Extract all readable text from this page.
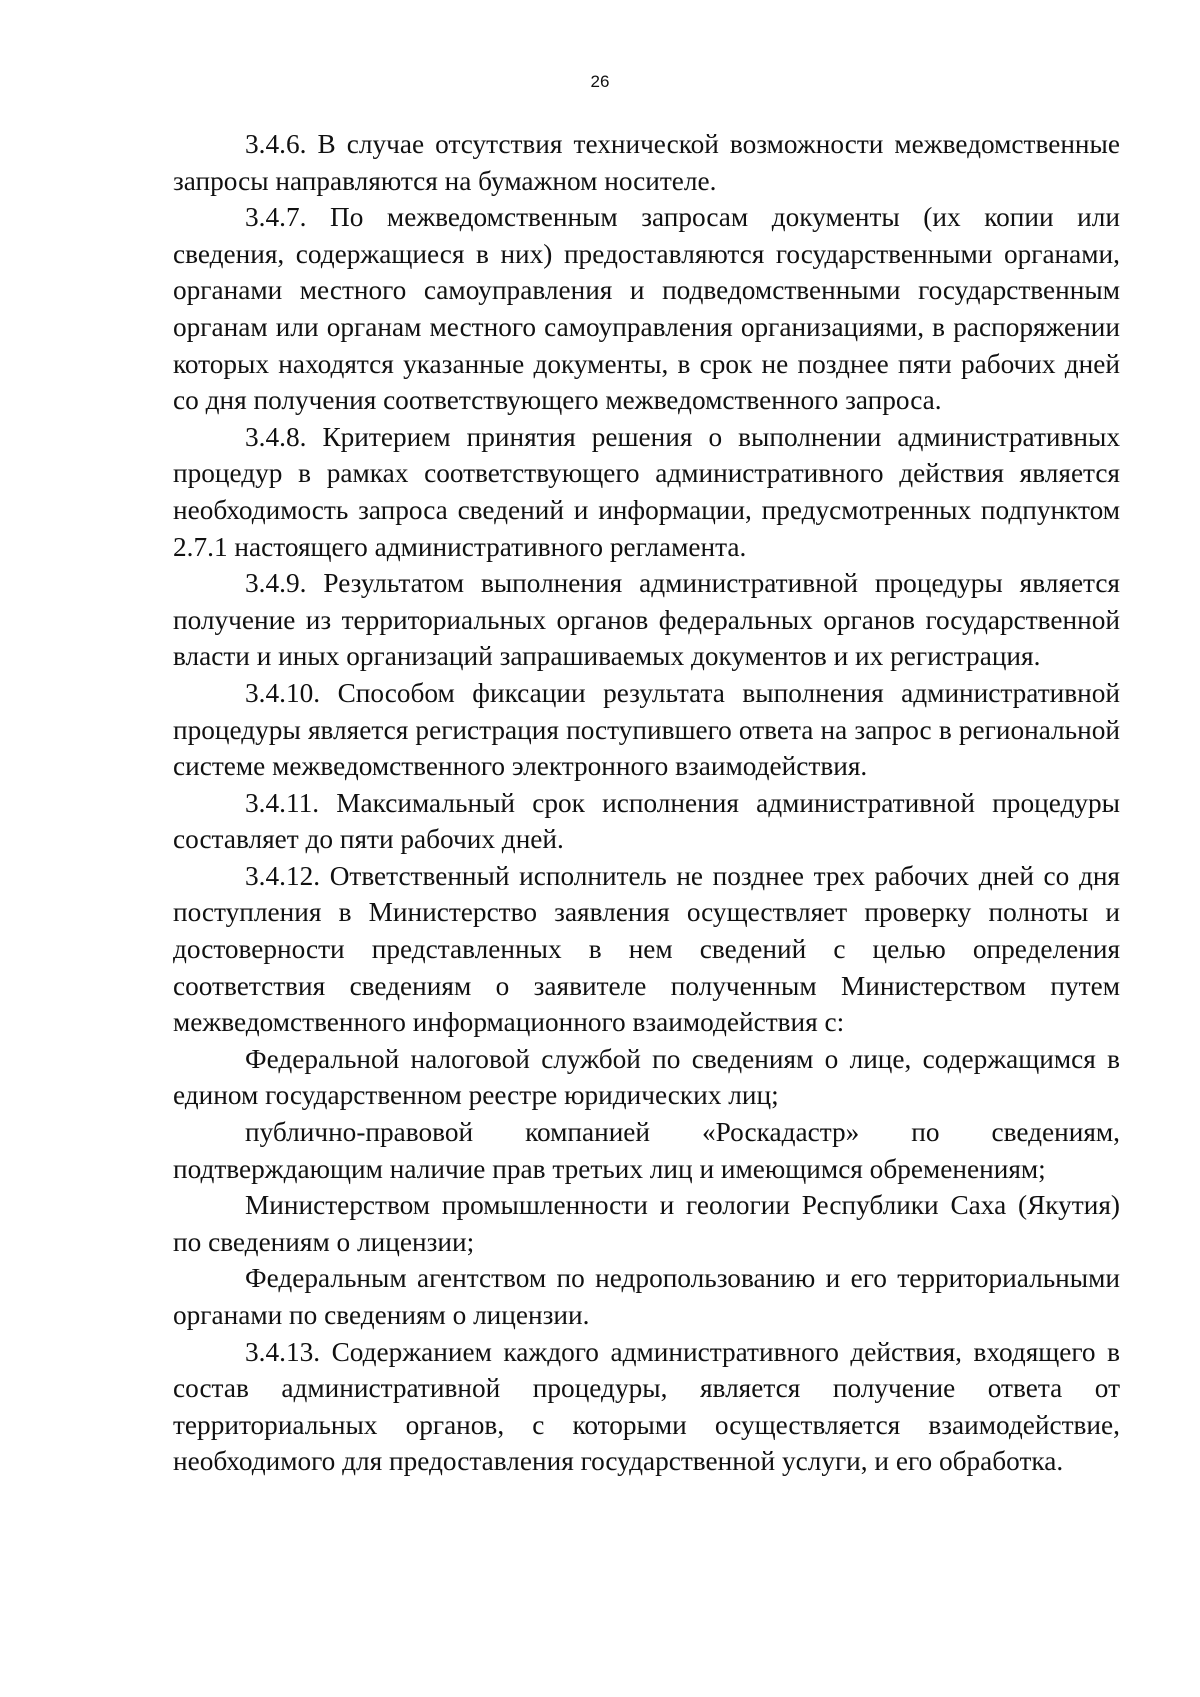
26

3.4.6. В случае отсутствия технической возможности межведомственные запросы направляются на бумажном носителе.

3.4.7. По межведомственным запросам документы (их копии или сведения, содержащиеся в них) предоставляются государственными органами, органами местного самоуправления и подведомственными государственным органам или органам местного самоуправления организациями, в распоряжении которых находятся указанные документы, в срок не позднее пяти рабочих дней со дня получения соответствующего межведомственного запроса.

3.4.8. Критерием принятия решения о выполнении административных процедур в рамках соответствующего административного действия является необходимость запроса сведений и информации, предусмотренных подпунктом 2.7.1 настоящего административного регламента.

3.4.9. Результатом выполнения административной процедуры является получение из территориальных органов федеральных органов государственной власти и иных организаций запрашиваемых документов и их регистрация.

3.4.10. Способом фиксации результата выполнения административной процедуры является регистрация поступившего ответа на запрос в региональной системе межведомственного электронного взаимодействия.

3.4.11. Максимальный срок исполнения административной процедуры составляет до пяти рабочих дней.

3.4.12. Ответственный исполнитель не позднее трех рабочих дней со дня поступления в Министерство заявления осуществляет проверку полноты и достоверности представленных в нем сведений с целью определения соответствия сведениям о заявителе полученным Министерством путем межведомственного информационного взаимодействия с:

Федеральной налоговой службой по сведениям о лице, содержащимся в едином государственном реестре юридических лиц;

публично-правовой компанией «Роскадастр» по сведениям, подтверждающим наличие прав третьих лиц и имеющимся обременениям;

Министерством промышленности и геологии Республики Саха (Якутия) по сведениям о лицензии;

Федеральным агентством по недропользованию и его территориальными органами по сведениям о лицензии.

3.4.13. Содержанием каждого административного действия, входящего в состав административной процедуры, является получение ответа от территориальных органов, с которыми осуществляется взаимодействие, необходимого для предоставления государственной услуги, и его обработка.
